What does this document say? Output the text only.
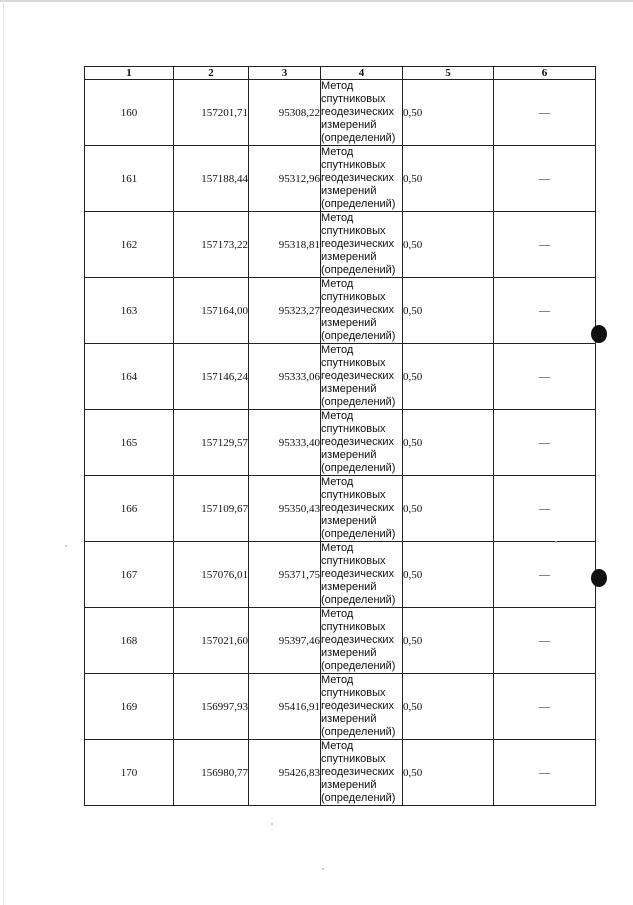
1	2	3	4	5	6
160	157201,71	95308,22	Метод
спутниковых
геодезических
измерений
(определений)	0,50	—
161	157188,44	95312,96	Метод
спутниковых
геодезических
измерений
(определений)	0,50	—
162	157173,22	95318,81	Метод
спутниковых
геодезических
измерений
(определений)	0,50	—
163	157164,00	95323,27	Метод
спутниковых
геодезических
измерений
(определений)	0,50	—
164	157146,24	95333,06	Метод
спутниковых
геодезических
измерений
(определений)	0,50	—
165	157129,57	95333,40	Метод
спутниковых
геодезических
измерений
(определений)	0,50	—
166	157109,67	95350,43	Метод
спутниковых
геодезических
измерений
(определений)	0,50	—
167	157076,01	95371,75	Метод
спутниковых
геодезических
измерений
(определений)	0,50	—
168	157021,60	95397,46	Метод
спутниковых
геодезических
измерений
(определений)	0,50	—
169	156997,93	95416,91	Метод
спутниковых
геодезических
измерений
(определений)	0,50	—
170	156980,77	95426,83	Метод
спутниковых
геодезических
измерений
(определений)	0,50	—
